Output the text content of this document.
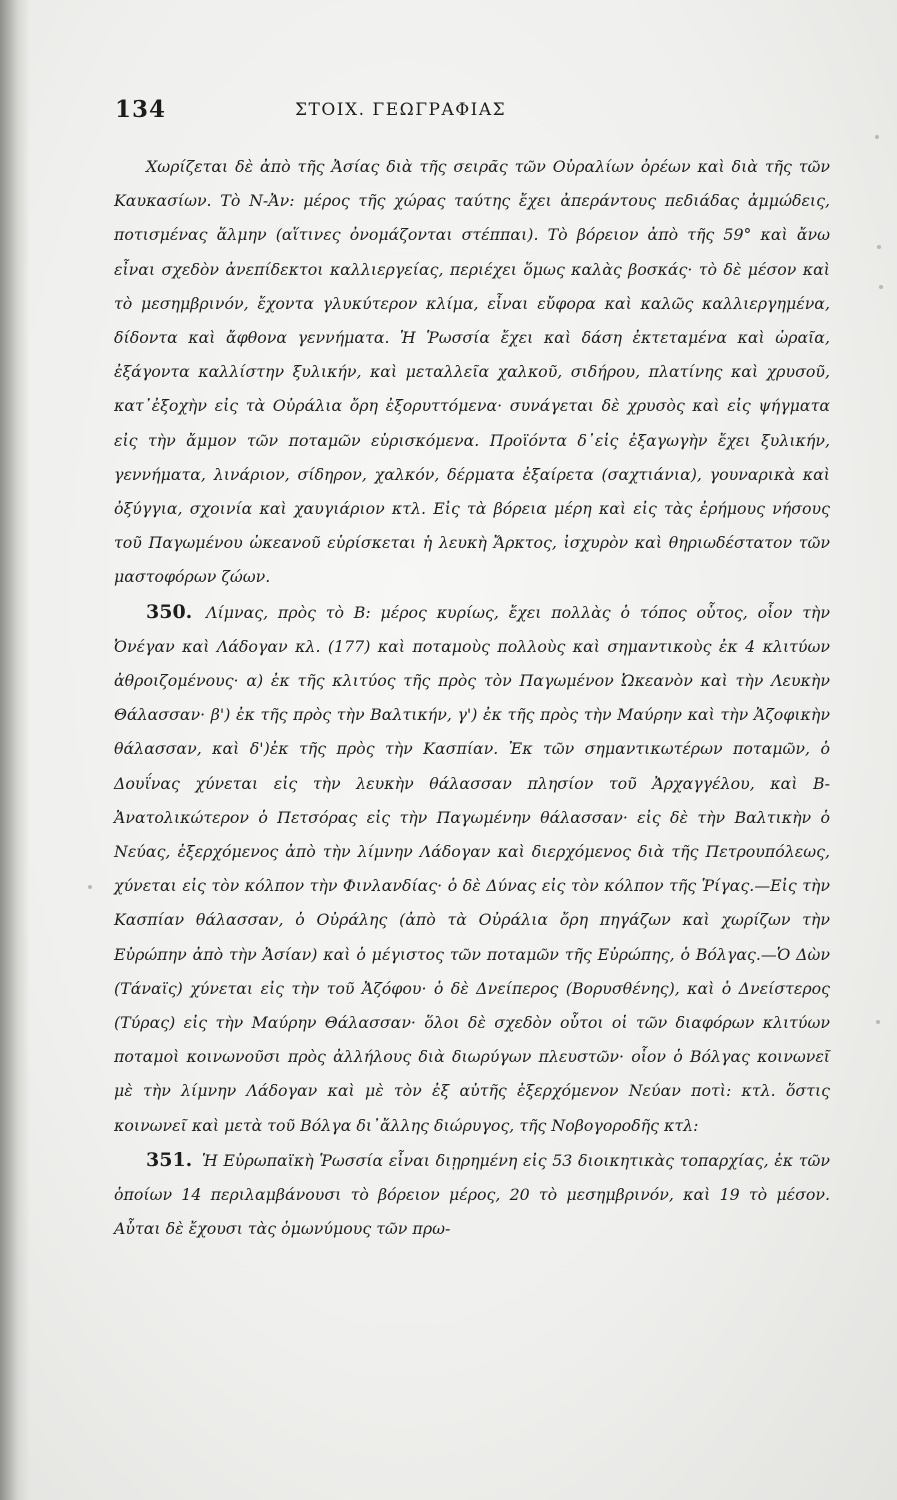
134	ΣΤΟΙΧ. ΓΕΩΓΡΑΦΙΑΣ

Χωρίζεται δὲ ἀπὸ τῆς Ἀσίας διὰ τῆς σειρᾶς τῶν Οὐραλίων ὀρέων καὶ διὰ τῆς τῶν Καυκασίων. Τὸ Ν-Ἀν: μέρος τῆς χώρας ταύτης ἔχει ἀπεράντους πεδιάδας ἀμμώδεις, ποτισμένας ἅλμην (αἵτινες ὀνομάζονται στέππαι). Τὸ βόρειον ἀπὸ τῆς 59° καὶ ἄνω εἶναι σχεδὸν ἀνεπίδεκτοι καλλιεργείας, περιέχει ὅμως καλὰς βοσκάς· τὸ δὲ μέσον καὶ τὸ μεσημβρινόν, ἔχοντα γλυκύτερον κλίμα, εἶναι εὔφορα καὶ καλῶς καλλιεργημένα, δίδοντα καὶ ἄφθονα γεννήματα. Ἡ Ῥωσσία ἔχει καὶ δάση ἐκτεταμένα καὶ ὡραῖα, ἐξάγοντα καλλίστην ξυλικήν, καὶ μεταλλεῖα χαλκοῦ, σιδήρου, πλατίνης καὶ χρυσοῦ, κατ᾽ἐξοχὴν εἰς τὰ Οὐράλια ὄρη ἐξορυττόμενα· συνάγεται δὲ χρυσὸς καὶ εἰς ψήγματα εἰς τὴν ἄμμον τῶν ποταμῶν εὑρισκόμενα. Προϊόντα δ᾽εἰς ἐξαγωγὴν ἔχει ξυλικήν, γεννήματα, λινάριον, σίδηρον, χαλκόν, δέρματα ἐξαίρετα (σαχτιάνια), γουναρικὰ καὶ ὀξύγγια, σχοινία καὶ χαυγιάριον κτλ. Εἰς τὰ βόρεια μέρη καὶ εἰς τὰς ἐρήμους νήσους τοῦ Παγωμένου ὠκεανοῦ εὑρίσκεται ἡ λευκὴ Ἄρκτος, ἰσχυρὸν καὶ θηριωδέστατον τῶν μαστοφόρων ζώων.

350. Λίμνας, πρὸς τὸ Β: μέρος κυρίως, ἔχει πολλὰς ὁ τόπος οὗτος, οἷον τὴν Ὀνέγαν καὶ Λάδογαν κλ. (177) καὶ ποταμοὺς πολλοὺς καὶ σημαντικοὺς ἐκ 4 κλιτύων ἀθροιζομένους· α) ἐκ τῆς κλιτύος τῆς πρὸς τὸν Παγωμένον Ὠκεανὸν καὶ τὴν Λευκὴν Θάλασσαν· β') ἐκ τῆς πρὸς τὴν Βαλτικήν, γ') ἐκ τῆς πρὸς τὴν Μαύρην καὶ τὴν Ἀζοφικὴν θάλασσαν, καὶ δ')ἐκ τῆς πρὸς τὴν Κασπίαν. Ἐκ τῶν σημαντικωτέρων ποταμῶν, ὁ Δουΐνας χύνεται εἰς τὴν λευκὴν θάλασσαν πλησίον τοῦ Ἀρχαγγέλου, καὶ Β-Ἀνατολικώτερον ὁ Πετσόρας εἰς τὴν Παγωμένην θάλασσαν· εἰς δὲ τὴν Βαλτικὴν ὁ Νεύας, ἐξερχόμενος ἀπὸ τὴν λίμνην Λάδογαν καὶ διερχόμενος διὰ τῆς Πετρουπόλεως, χύνεται εἰς τὸν κόλπον τὴν Φινλανδίας· ὁ δὲ Δύνας εἰς τὸν κόλπον τῆς Ῥίγας.—Εἰς τὴν Κασπίαν θάλασσαν, ὁ Οὐράλης (ἀπὸ τὰ Οὐράλια ὄρη πηγάζων καὶ χωρίζων τὴν Εὐρώπην ἀπὸ τὴν Ἀσίαν) καὶ ὁ μέγιστος τῶν ποταμῶν τῆς Εὐρώπης, ὁ Βόλγας.—Ὁ Δὼν (Τάναϊς) χύνεται εἰς τὴν τοῦ Ἀζόφου· ὁ δὲ Δνείπερος (Βορυσθένης), καὶ ὁ Δνείστερος (Τύρας) εἰς τὴν Μαύρην Θάλασσαν· ὅλοι δὲ σχεδὸν οὗτοι οἱ τῶν διαφόρων κλιτύων ποταμοὶ κοινωνοῦσι πρὸς ἀλλήλους διὰ διωρύγων πλευστῶν· οἷον ὁ Βόλγας κοινωνεῖ μὲ τὴν λίμνην Λάδογαν καὶ μὲ τὸν ἐξ αὐτῆς ἐξερχόμενον Νεύαν ποτὶ: κτλ. ὅστις κοινωνεῖ καὶ μετὰ τοῦ Βόλγα δι᾽ἄλλης διώρυγος, τῆς Νοβογοροδῆς κτλ:

351. Ἡ Εὐρωπαϊκὴ Ῥωσσία εἶναι διῃρημένη εἰς 53 διοικητικὰς τοπαρχίας, ἐκ τῶν ὁποίων 14 περιλαμβάνουσι τὸ βόρειον μέρος, 20 τὸ μεσημβρινόν, καὶ 19 τὸ μέσον. Αὗται δὲ ἔχουσι τὰς ὁμωνύμους τῶν πρω-
